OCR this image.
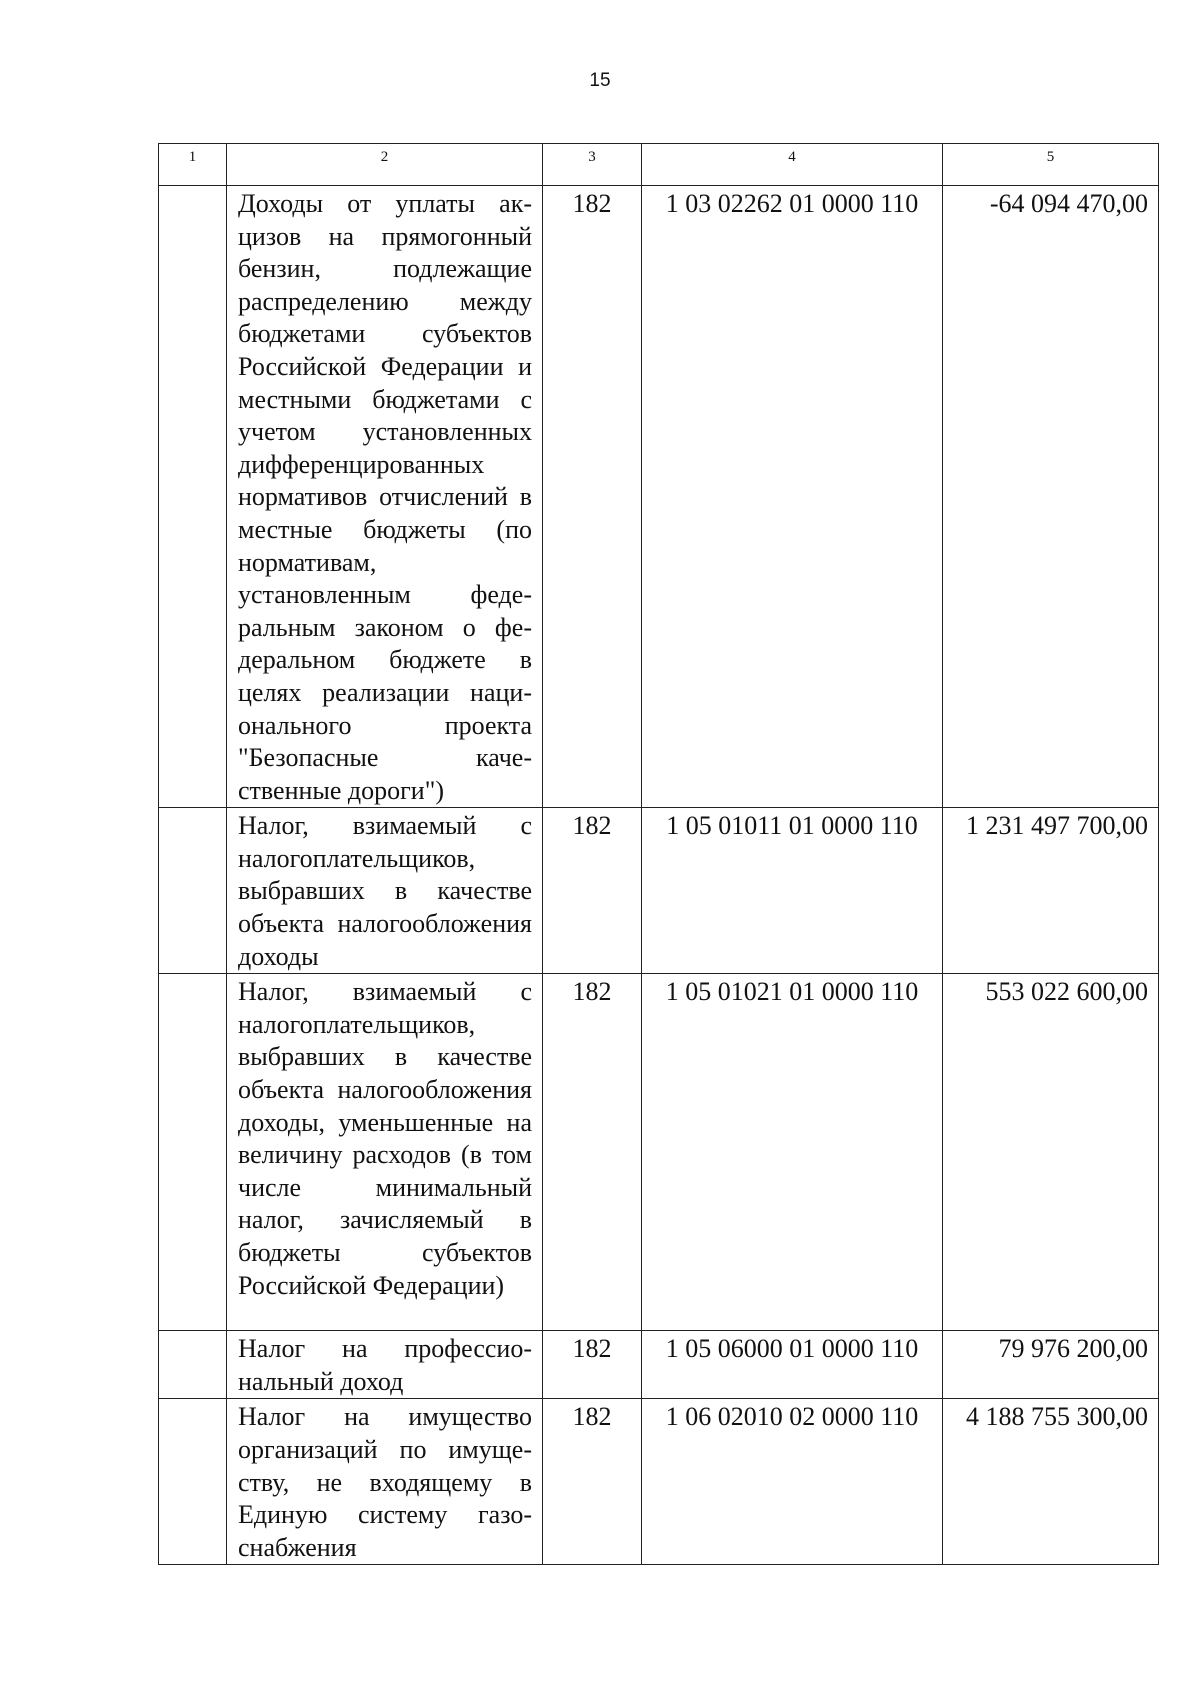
15
1	2	3	4	5
	Доходы от уплаты акцизов на прямогонный бензин, подлежащие распределению между бюджетами субъектов Российской Федерации и местными бюджетами с учетом установленных дифференцированных нормативов отчислений в местные бюджеты (по нормативам, установленным федеральным законом о федеральном бюджете в целях реализации национального проекта "Безопасные качественные дороги")	182	1 03 02262 01 0000 110	-64 094 470,00
	Налог, взимаемый с налогоплательщиков, выбравших в качестве объекта налогообложения доходы	182	1 05 01011 01 0000 110	1 231 497 700,00
	Налог, взимаемый с налогоплательщиков, выбравших в качестве объекта налогообложения доходы, уменьшенные на величину расходов (в том числе минимальный налог, зачисляемый в бюджеты субъектов Российской Федерации)	182	1 05 01021 01 0000 110	553 022 600,00
	Налог на профессиональный доход	182	1 05 06000 01 0000 110	79 976 200,00
	Налог на имущество организаций по имуществу, не входящему в Единую систему газоснабжения	182	1 06 02010 02 0000 110	4 188 755 300,00
